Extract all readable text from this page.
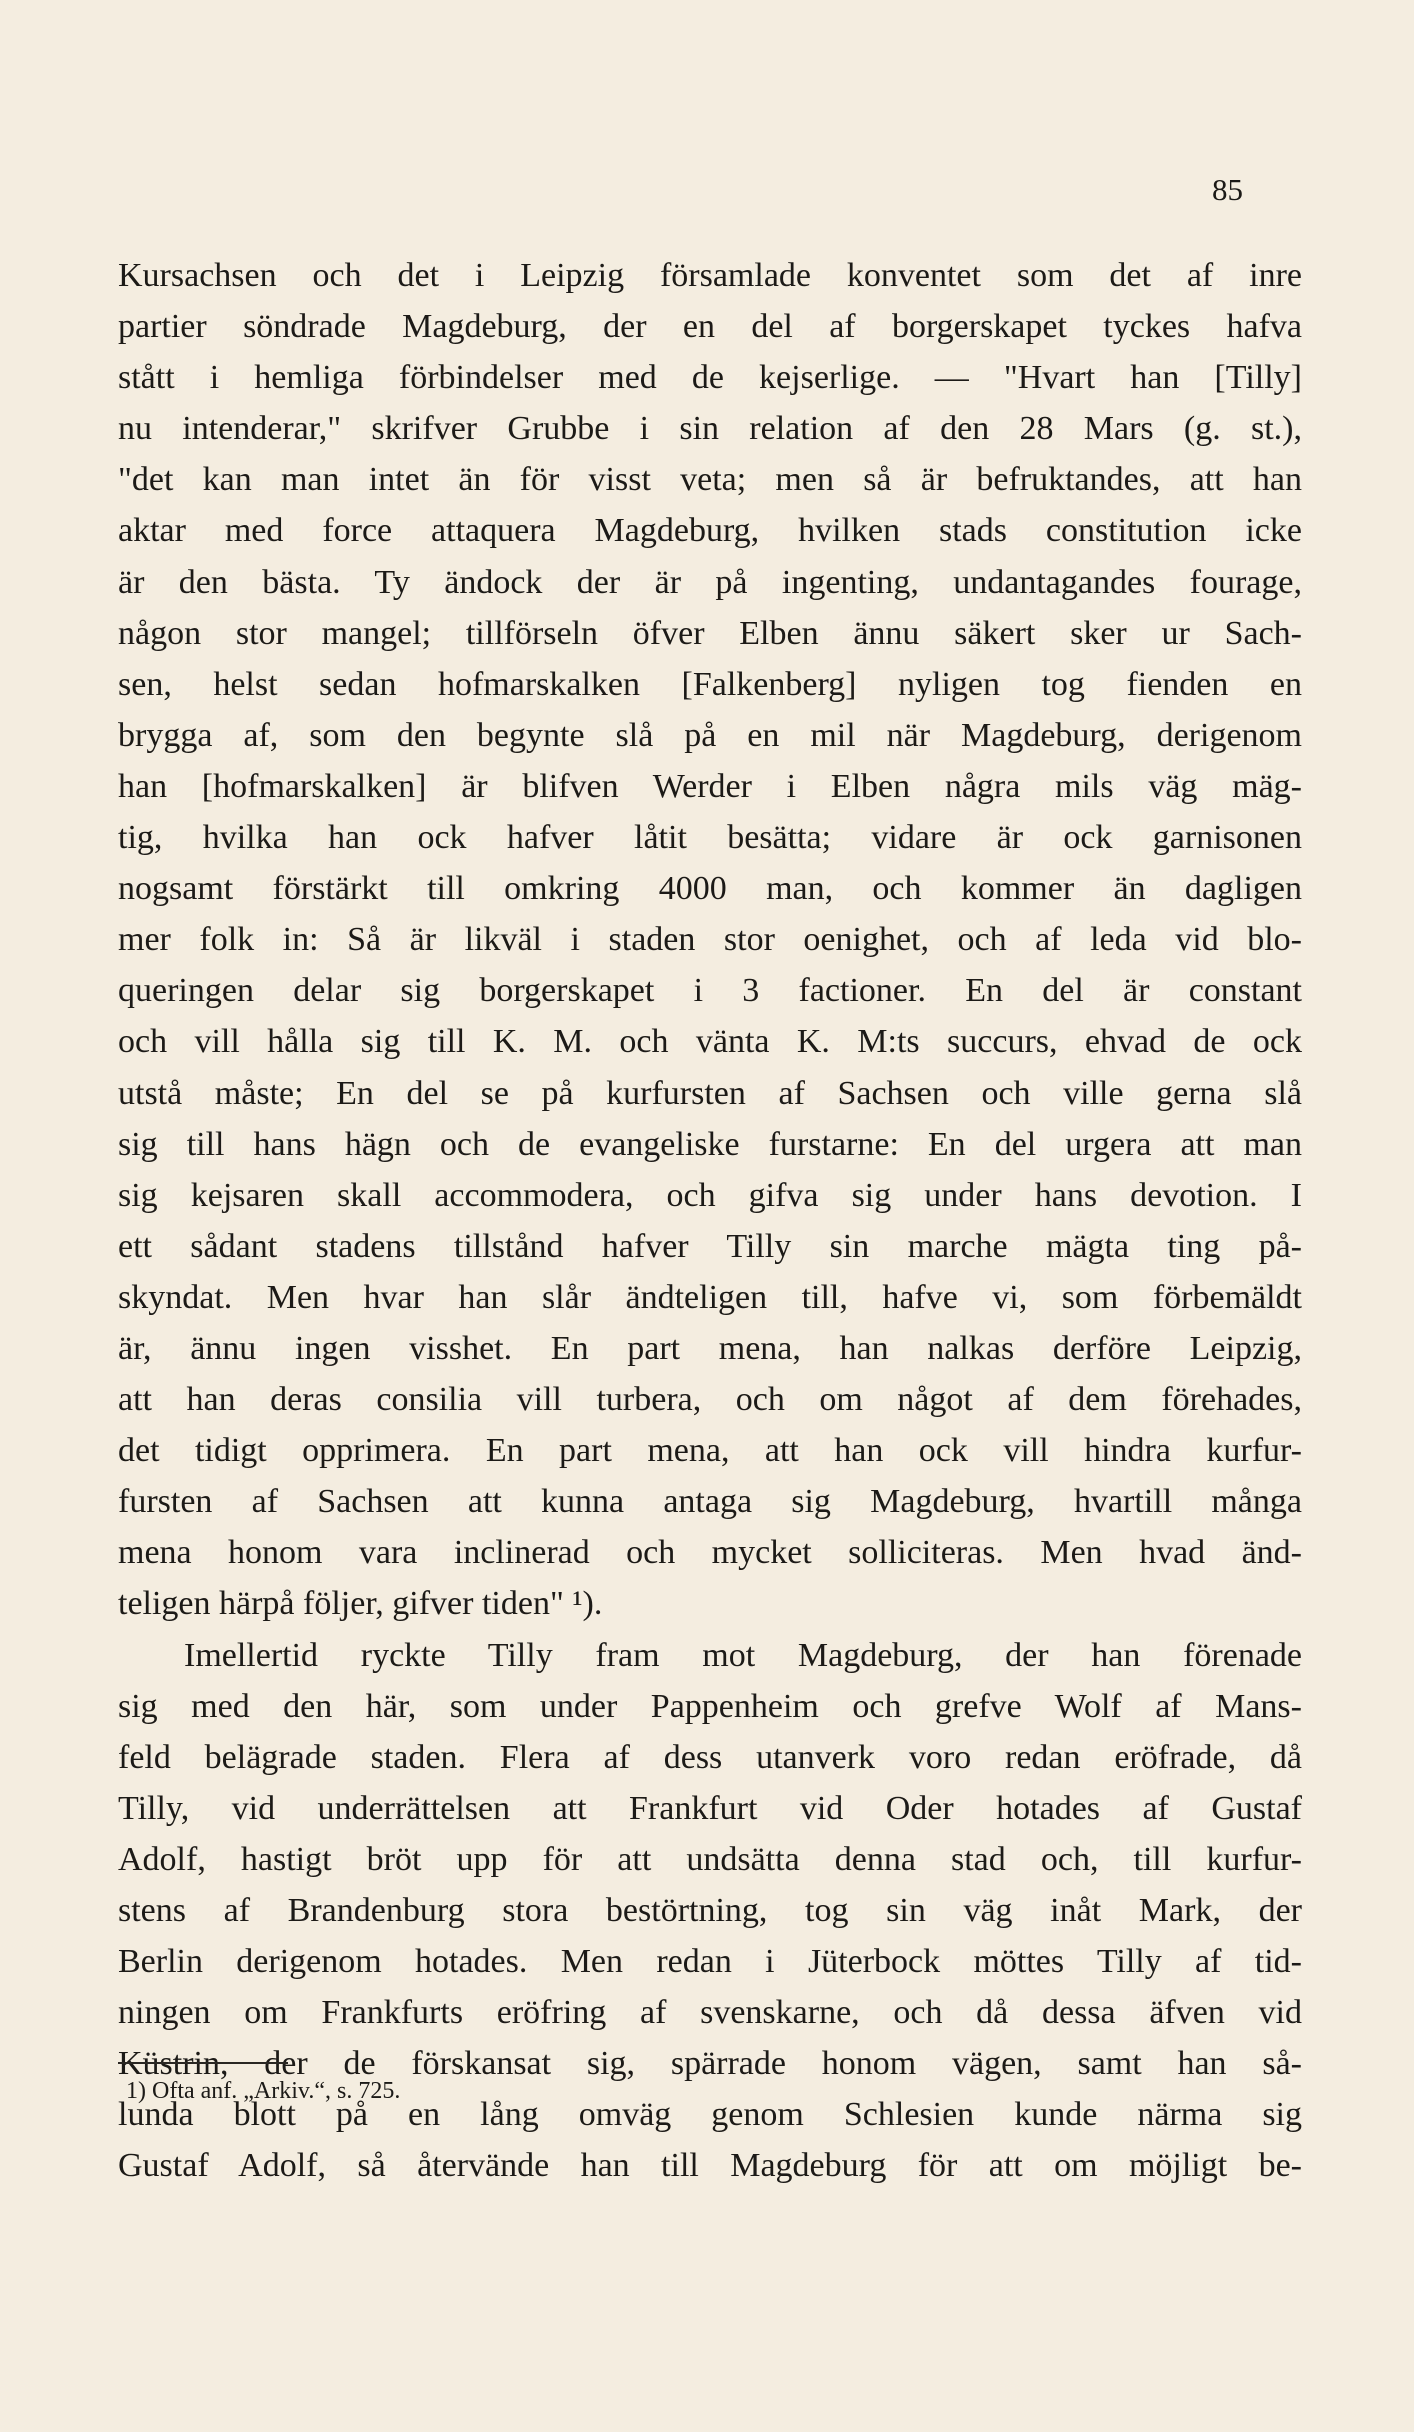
85
Kursachsen och det i Leipzig församlade konventet som det af inre
partier söndrade Magdeburg, der en del af borgerskapet tyckes hafva
stått i hemliga förbindelser med de kejserlige. — "Hvart han [Tilly]
nu intenderar," skrifver Grubbe i sin relation af den 28 Mars (g. st.),
"det kan man intet än för visst veta; men så är befruktandes, att han
aktar med force attaquera Magdeburg, hvilken stads constitution icke
är den bästa. Ty ändock der är på ingenting, undantagandes fourage,
någon stor mangel; tillförseln öfver Elben ännu säkert sker ur Sach-
sen, helst sedan hofmarskalken [Falkenberg] nyligen tog fienden en
brygga af, som den begynte slå på en mil när Magdeburg, derigenom
han [hofmarskalken] är blifven Werder i Elben några mils väg mäg-
tig, hvilka han ock hafver låtit besätta; vidare är ock garnisonen
nogsamt förstärkt till omkring 4000 man, och kommer än dagligen
mer folk in: Så är likväl i staden stor oenighet, och af leda vid blo-
queringen delar sig borgerskapet i 3 factioner. En del är constant
och vill hålla sig till K. M. och vänta K. M:ts succurs, ehvad de ock
utstå måste; En del se på kurfursten af Sachsen och ville gerna slå
sig till hans hägn och de evangeliske furstarne: En del urgera att man
sig kejsaren skall accommodera, och gifva sig under hans devotion. I
ett sådant stadens tillstånd hafver Tilly sin marche mägta ting på-
skyndat. Men hvar han slår ändteligen till, hafve vi, som förbemäldt
är, ännu ingen visshet. En part mena, han nalkas derföre Leipzig,
att han deras consilia vill turbera, och om något af dem förehades,
det tidigt opprimera. En part mena, att han ock vill hindra kurfur-
fursten af Sachsen att kunna antaga sig Magdeburg, hvartill många
mena honom vara inclinerad och mycket solliciteras. Men hvad änd-
teligen härpå följer, gifver tiden" ¹).
Imellertid ryckte Tilly fram mot Magdeburg, der han förenade
sig med den här, som under Pappenheim och grefve Wolf af Mans-
feld belägrade staden. Flera af dess utanverk voro redan eröfrade, då
Tilly, vid underrättelsen att Frankfurt vid Oder hotades af Gustaf
Adolf, hastigt bröt upp för att undsätta denna stad och, till kurfur-
stens af Brandenburg stora bestörtning, tog sin väg inåt Mark, der
Berlin derigenom hotades. Men redan i Jüterbock möttes Tilly af tid-
ningen om Frankfurts eröfring af svenskarne, och då dessa äfven vid
Küstrin, der de förskansat sig, spärrade honom vägen, samt han så-
lunda blott på en lång omväg genom Schlesien kunde närma sig
Gustaf Adolf, så återvände han till Magdeburg för att om möjligt be-
1) Ofta anf. „Arkiv.“, s. 725.
